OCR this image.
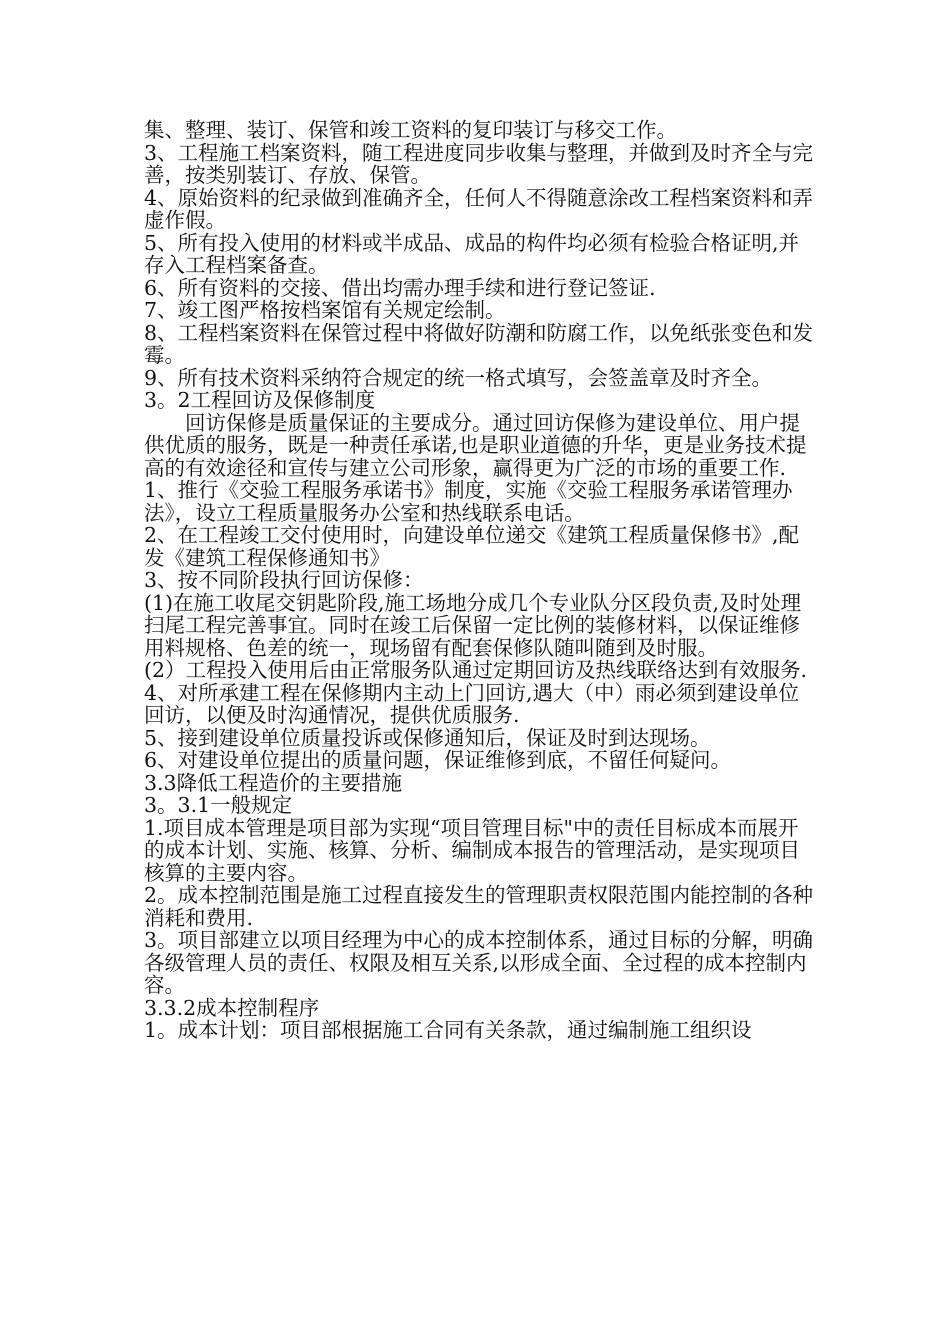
集、整理、装订、保管和竣工资料的复印装订与移交工作。

3、工程施工档案资料，随工程进度同步收集与整理，并做到及时齐全与完善，按类别装订、存放、保管。

4、原始资料的纪录做到准确齐全，任何人不得随意涂改工程档案资料和弄虚作假。

5、所有投入使用的材料或半成品、成品的构件均必须有检验合格证明,并存入工程档案备查。

6、所有资料的交接、借出均需办理手续和进行登记签证.

7、竣工图严格按档案馆有关规定绘制。

8、工程档案资料在保管过程中将做好防潮和防腐工作，以免纸张变色和发霉。

9、所有技术资料采纳符合规定的统一格式填写，会签盖章及时齐全。

3。2工程回访及保修制度

回访保修是质量保证的主要成分。通过回访保修为建设单位、用户提供优质的服务，既是一种责任承诺,也是职业道德的升华，更是业务技术提高的有效途径和宣传与建立公司形象，赢得更为广泛的市场的重要工作.

1、推行《交验工程服务承诺书》制度，实施《交验工程服务承诺管理办法》，设立工程质量服务办公室和热线联系电话。

2、在工程竣工交付使用时，向建设单位递交《建筑工程质量保修书》,配发《建筑工程保修通知书》

3、按不同阶段执行回访保修：

(1)在施工收尾交钥匙阶段,施工场地分成几个专业队分区段负责,及时处理扫尾工程完善事宜。同时在竣工后保留一定比例的装修材料，以保证维修用料规格、色差的统一，现场留有配套保修队随叫随到及时服。

(2）工程投入使用后由正常服务队通过定期回访及热线联络达到有效服务.

4、对所承建工程在保修期内主动上门回访,遇大（中）雨必须到建设单位回访，以便及时沟通情况，提供优质服务.

5、接到建设单位质量投诉或保修通知后，保证及时到达现场。

6、对建设单位提出的质量问题，保证维修到底，不留任何疑问。

3.3降低工程造价的主要措施

3。3.1一般规定

1.项目成本管理是项目部为实现“项目管理目标"中的责任目标成本而展开的成本计划、实施、核算、分析、编制成本报告的管理活动，是实现项目核算的主要内容。

2。成本控制范围是施工过程直接发生的管理职责权限范围内能控制的各种消耗和费用.

3。项目部建立以项目经理为中心的成本控制体系，通过目标的分解，明确各级管理人员的责任、权限及相互关系,以形成全面、全过程的成本控制内容。

3.3.2成本控制程序

1。成本计划：项目部根据施工合同有关条款，通过编制施工组织设
